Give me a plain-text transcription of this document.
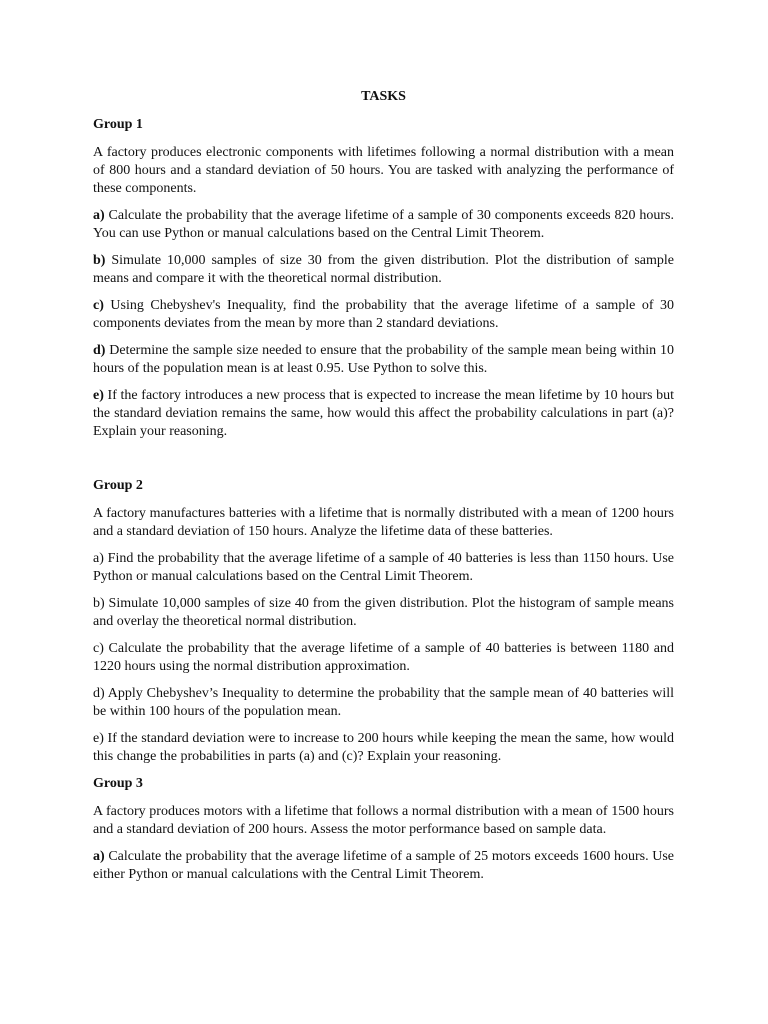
TASKS
Group 1

A factory produces electronic components with lifetimes following a normal distribution with a mean of 800 hours and a standard deviation of 50 hours. You are tasked with analyzing the performance of these components.

a) Calculate the probability that the average lifetime of a sample of 30 components exceeds 820 hours. You can use Python or manual calculations based on the Central Limit Theorem.

b) Simulate 10,000 samples of size 30 from the given distribution. Plot the distribution of sample means and compare it with the theoretical normal distribution.

c) Using Chebyshev's Inequality, find the probability that the average lifetime of a sample of 30 components deviates from the mean by more than 2 standard deviations.

d) Determine the sample size needed to ensure that the probability of the sample mean being within 10 hours of the population mean is at least 0.95. Use Python to solve this.

e) If the factory introduces a new process that is expected to increase the mean lifetime by 10 hours but the standard deviation remains the same, how would this affect the probability calculations in part (a)? Explain your reasoning.

Group 2

A factory manufactures batteries with a lifetime that is normally distributed with a mean of 1200 hours and a standard deviation of 150 hours. Analyze the lifetime data of these batteries.

a) Find the probability that the average lifetime of a sample of 40 batteries is less than 1150 hours. Use Python or manual calculations based on the Central Limit Theorem.

b) Simulate 10,000 samples of size 40 from the given distribution. Plot the histogram of sample means and overlay the theoretical normal distribution.

c) Calculate the probability that the average lifetime of a sample of 40 batteries is between 1180 and 1220 hours using the normal distribution approximation.

d) Apply Chebyshev’s Inequality to determine the probability that the sample mean of 40 batteries will be within 100 hours of the population mean.

e) If the standard deviation were to increase to 200 hours while keeping the mean the same, how would this change the probabilities in parts (a) and (c)? Explain your reasoning.

Group 3

A factory produces motors with a lifetime that follows a normal distribution with a mean of 1500 hours and a standard deviation of 200 hours. Assess the motor performance based on sample data.

a) Calculate the probability that the average lifetime of a sample of 25 motors exceeds 1600 hours. Use either Python or manual calculations with the Central Limit Theorem.
